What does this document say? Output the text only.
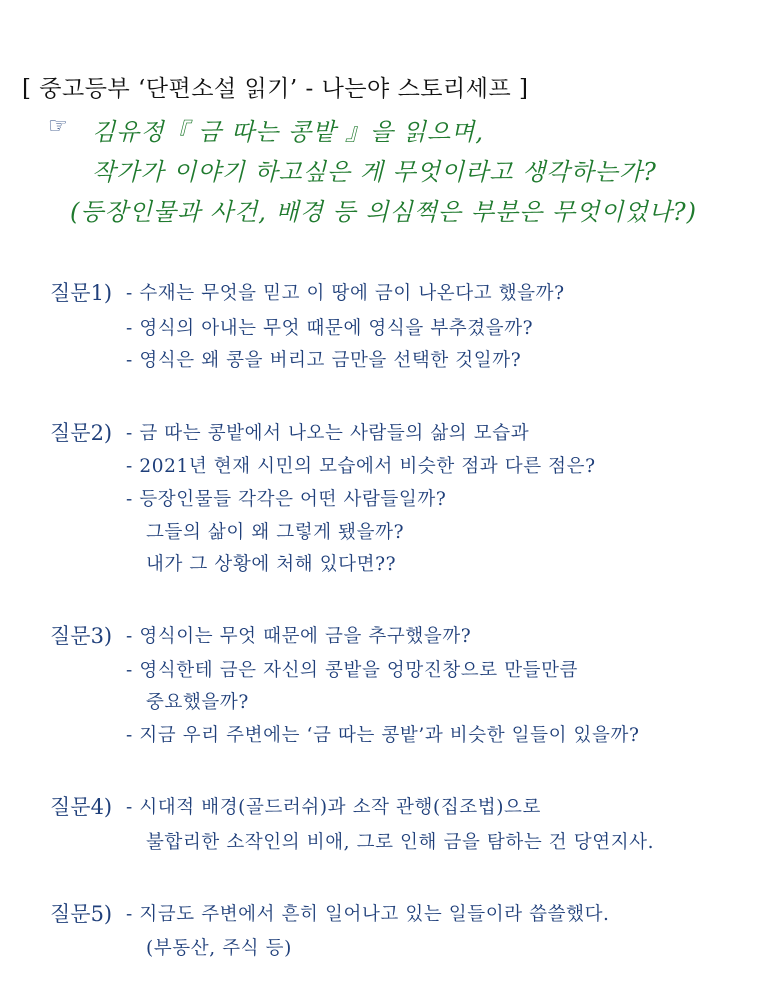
[ 중고등부 ‘단편소설 읽기’ - 나는야 스토리세프 ]
☞ 김유정『 금 따는 콩밭 』을 읽으며,
작가가 이야기 하고싶은 게 무엇이라고 생각하는가?
(등장인물과 사건, 배경 등 의심쩍은 부분은 무엇이었나?)
질문1) - 수재는 무엇을 믿고 이 땅에 금이 나온다고 했을까?
- 영식의 아내는 무엇 때문에 영식을 부추겼을까?
- 영식은 왜 콩을 버리고 금만을 선택한 것일까?
질문2) - 금 따는 콩밭에서 나오는 사람들의 삶의 모습과
- 2021년 현재 시민의 모습에서 비슷한 점과 다른 점은?
- 등장인물들 각각은 어떤 사람들일까?
그들의 삶이 왜 그렇게 됐을까?
내가 그 상황에 처해 있다면??
질문3) - 영식이는 무엇 때문에 금을 추구했을까?
- 영식한테 금은 자신의 콩밭을 엉망진창으로 만들만큼
중요했을까?
- 지금 우리 주변에는 ‘금 따는 콩밭’과 비슷한 일들이 있을까?
질문4) - 시대적 배경(골드러쉬)과 소작 관행(집조법)으로
불합리한 소작인의 비애, 그로 인해 금을 탐하는 건 당연지사.
질문5) - 지금도 주변에서 흔히 일어나고 있는 일들이라 씁쓸했다.
(부동산, 주식 등)
